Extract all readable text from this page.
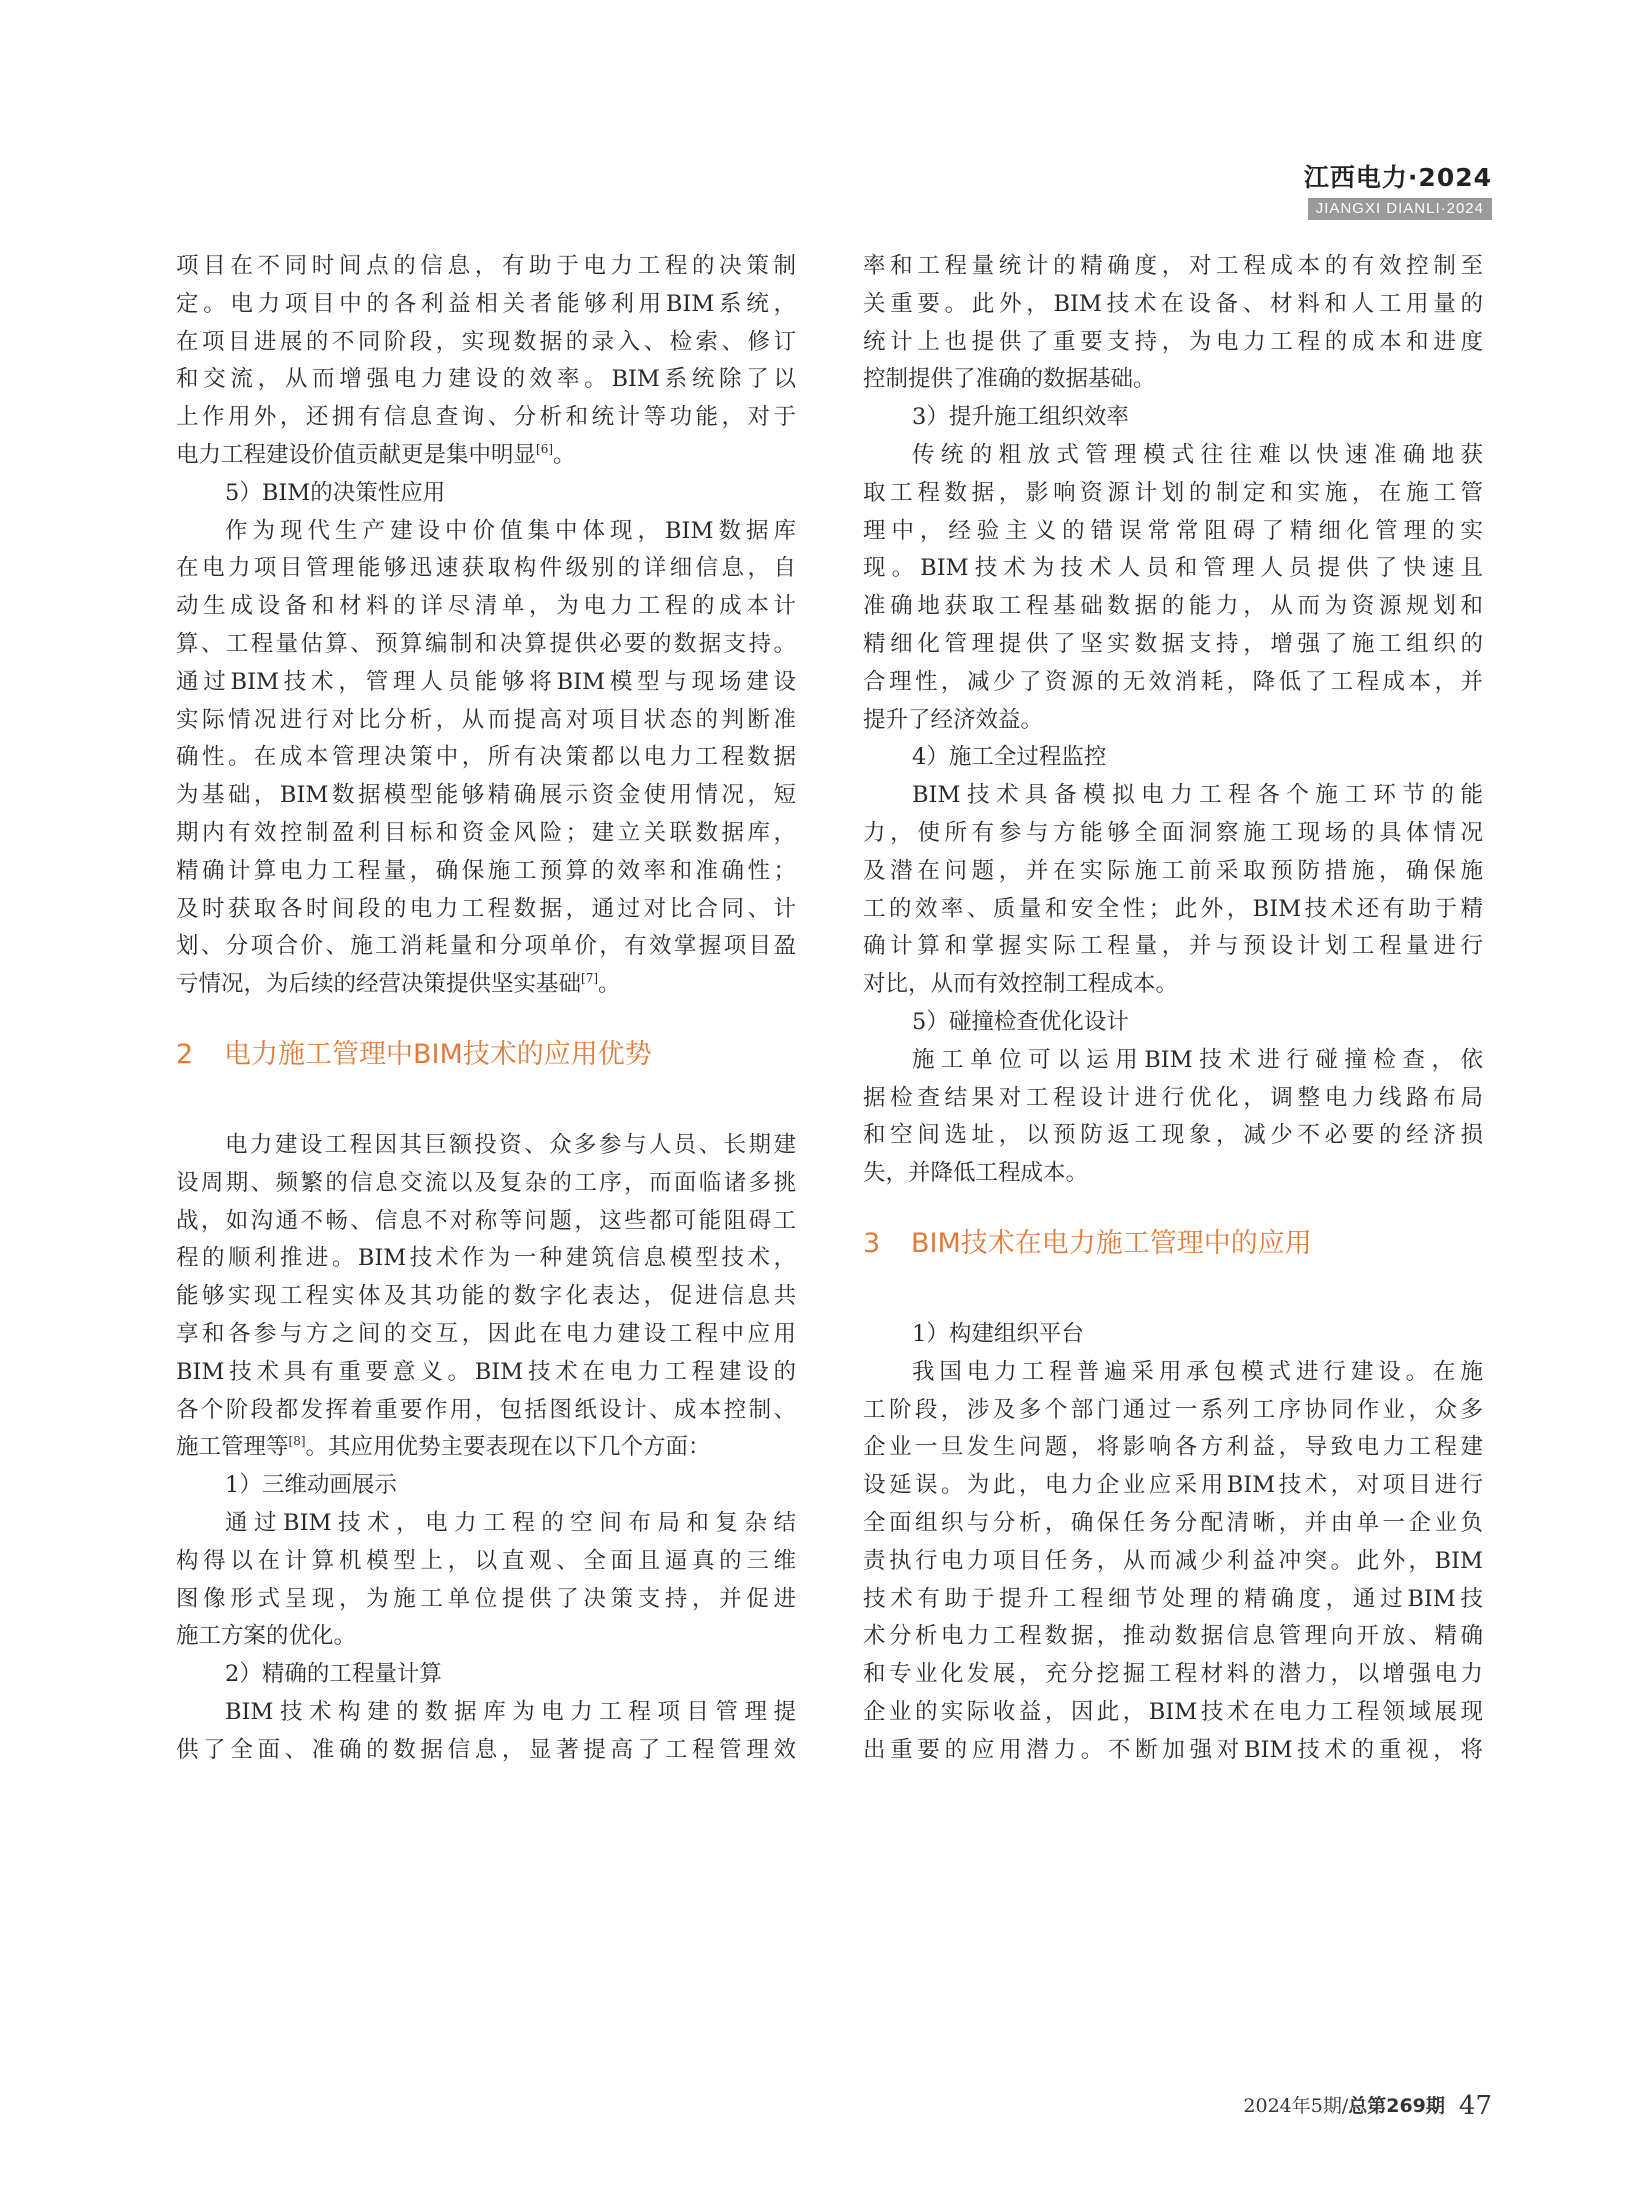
江西电力·2024
JIANGXI DIANLI·2024
项目在不同时间点的信息，有助于电力工程的决策制
定。电力项目中的各利益相关者能够利用BIM系统，
在项目进展的不同阶段，实现数据的录入、检索、修订
和交流，从而增强电力建设的效率。BIM系统除了以
上作用外，还拥有信息查询、分析和统计等功能，对于
电力工程建设价值贡献更是集中明显[6]。
5）BIM的决策性应用
作为现代生产建设中价值集中体现，BIM数据库
在电力项目管理能够迅速获取构件级别的详细信息，自
动生成设备和材料的详尽清单，为电力工程的成本计
算、工程量估算、预算编制和决算提供必要的数据支持。
通过BIM技术，管理人员能够将BIM模型与现场建设
实际情况进行对比分析，从而提高对项目状态的判断准
确性。在成本管理决策中，所有决策都以电力工程数据
为基础，BIM数据模型能够精确展示资金使用情况，短
期内有效控制盈利目标和资金风险；建立关联数据库，
精确计算电力工程量，确保施工预算的效率和准确性；
及时获取各时间段的电力工程数据，通过对比合同、计
划、分项合价、施工消耗量和分项单价，有效掌握项目盈
亏情况，为后续的经营决策提供坚实基础[7]。
2 电力施工管理中BIM技术的应用优势
电力建设工程因其巨额投资、众多参与人员、长期建
设周期、频繁的信息交流以及复杂的工序，而面临诸多挑
战，如沟通不畅、信息不对称等问题，这些都可能阻碍工
程的顺利推进。BIM技术作为一种建筑信息模型技术，
能够实现工程实体及其功能的数字化表达，促进信息共
享和各参与方之间的交互，因此在电力建设工程中应用
BIM技术具有重要意义。BIM技术在电力工程建设的
各个阶段都发挥着重要作用，包括图纸设计、成本控制、
施工管理等[8]。其应用优势主要表现在以下几个方面：
1）三维动画展示
通过BIM技术，电力工程的空间布局和复杂结
构得以在计算机模型上，以直观、全面且逼真的三维
图像形式呈现，为施工单位提供了决策支持，并促进
施工方案的优化。
2）精确的工程量计算
BIM技术构建的数据库为电力工程项目管理提
供了全面、准确的数据信息，显著提高了工程管理效
率和工程量统计的精确度，对工程成本的有效控制至
关重要。此外，BIM技术在设备、材料和人工用量的
统计上也提供了重要支持，为电力工程的成本和进度
控制提供了准确的数据基础。
3）提升施工组织效率
传统的粗放式管理模式往往难以快速准确地获
取工程数据，影响资源计划的制定和实施，在施工管
理中，经验主义的错误常常阻碍了精细化管理的实
现。BIM技术为技术人员和管理人员提供了快速且
准确地获取工程基础数据的能力，从而为资源规划和
精细化管理提供了坚实数据支持，增强了施工组织的
合理性，减少了资源的无效消耗，降低了工程成本，并
提升了经济效益。
4）施工全过程监控
BIM技术具备模拟电力工程各个施工环节的能
力，使所有参与方能够全面洞察施工现场的具体情况
及潜在问题，并在实际施工前采取预防措施，确保施
工的效率、质量和安全性；此外，BIM技术还有助于精
确计算和掌握实际工程量，并与预设计划工程量进行
对比，从而有效控制工程成本。
5）碰撞检查优化设计
施工单位可以运用BIM技术进行碰撞检查，依
据检查结果对工程设计进行优化，调整电力线路布局
和空间选址，以预防返工现象，减少不必要的经济损
失，并降低工程成本。
3 BIM技术在电力施工管理中的应用
1）构建组织平台
我国电力工程普遍采用承包模式进行建设。在施
工阶段，涉及多个部门通过一系列工序协同作业，众多
企业一旦发生问题，将影响各方利益，导致电力工程建
设延误。为此，电力企业应采用BIM技术，对项目进行
全面组织与分析，确保任务分配清晰，并由单一企业负
责执行电力项目任务，从而减少利益冲突。此外，BIM
技术有助于提升工程细节处理的精确度，通过BIM技
术分析电力工程数据，推动数据信息管理向开放、精确
和专业化发展，充分挖掘工程材料的潜力，以增强电力
企业的实际收益，因此，BIM技术在电力工程领域展现
出重要的应用潜力。不断加强对BIM技术的重视，将
2024年5期/总第269期 47
